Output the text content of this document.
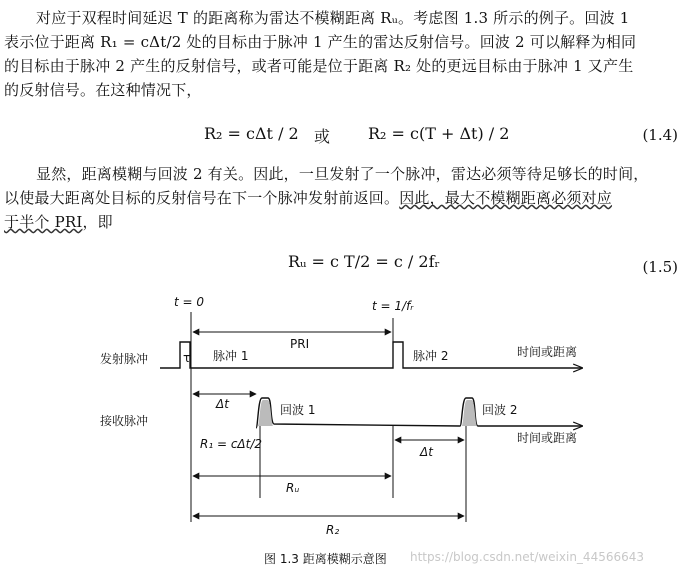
对应于双程时间延迟 T 的距离称为雷达不模糊距离 Rᵤ。考虑图 1.3 所示的例子。回波 1
表示位于距离 R₁ = cΔt/2 处的目标由于脉冲 1 产生的雷达反射信号。回波 2 可以解释为相同
的目标由于脉冲 2 产生的反射信号，或者可能是位于距离 R₂ 处的更远目标由于脉冲 1 又产生
的反射信号。在这种情况下，
R₂ = cΔt / 2 或 R₂ = c(T + Δt) / 2	(1.4)
显然，距离模糊与回波 2 有关。因此，一旦发射了一个脉冲，雷达必须等待足够长的时间，
以使最大距离处目标的反射信号在下一个脉冲发射前返回。因此，最大不模糊距离必须对应
于半个 PRI，即
Rᵤ = c T/2 = c / 2fᵣ	(1.5)
t = 0	t = 1/fᵣ
PRI
发射脉冲	τ 脉冲 1	脉冲 2	时间或距离
Δt
接收脉冲
回波 1	回波 2
时间或距离
R₁ = cΔt/2
Δt
Rᵤ
R₂
图 1.3 距离模糊示意图 https://blog.csdn.net/weixin_44566643
